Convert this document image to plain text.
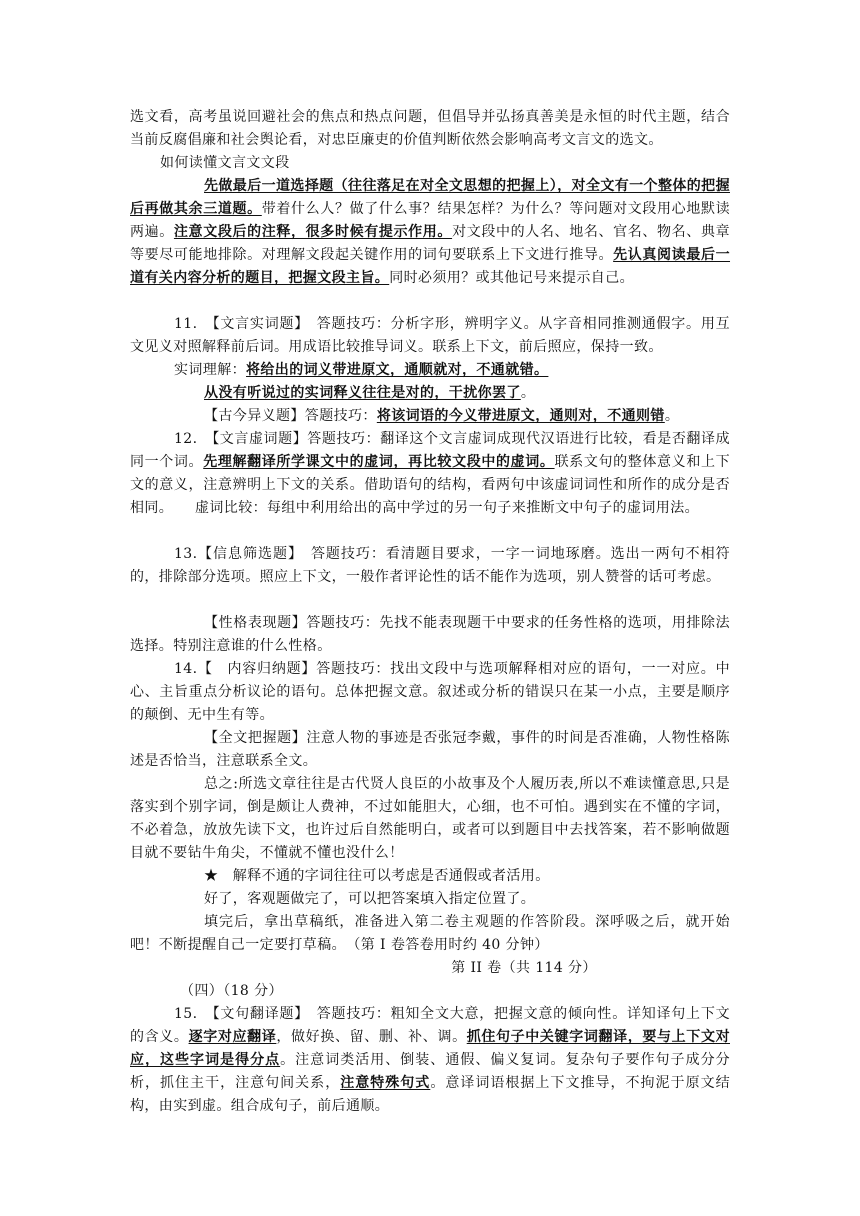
选文看，高考虽说回避社会的焦点和热点问题，但倡导并弘扬真善美是永恒的时代主题，结合当前反腐倡廉和社会舆论看，对忠臣廉吏的价值判断依然会影响高考文言文的选文。

如何读懂文言文文段

先做最后一道选择题（往往落足在对全文思想的把握上），对全文有一个整体的把握后再做其余三道题。带着什么人？做了什么事？结果怎样？为什么？等问题对文段用心地默读两遍。注意文段后的注释，很多时候有提示作用。对文段中的人名、地名、官名、物名、典章等要尽可能地排除。对理解文段起关键作用的词句要联系上下文进行推导。先认真阅读最后一道有关内容分析的题目，把握文段主旨。同时必须用？或其他记号来提示自己。

11.　【文言实词题】　答题技巧：分析字形，辨明字义。从字音相同推测通假字。用互文见义对照解释前后词。用成语比较推导词义。联系上下文，前后照应，保持一致。

实词理解：将给出的词义带进原文，通顺就对，不通就错。

从没有听说过的实词释义往往是对的，干扰你罢了。

【古今异义题】答题技巧：将该词语的今义带进原文，通则对，不通则错。

12.　【文言虚词题】答题技巧：翻译这个文言虚词成现代汉语进行比较，看是否翻译成同一个词。先理解翻译所学课文中的虚词，再比较文段中的虚词。联系文句的整体意义和上下文的意义，注意辨明上下文的关系。借助语句的结构，看两句中该虚词词性和所作的成分是否相同。　　虚词比较：每组中利用给出的高中学过的另一句子来推断文中句子的虚词用法。

13.【信息筛选题】　答题技巧：看清题目要求，一字一词地琢磨。选出一两句不相符的，排除部分选项。照应上下文，一般作者评论性的话不能作为选项，别人赞誉的话可考虑。

【性格表现题】答题技巧：先找不能表现题干中要求的任务性格的选项，用排除法选择。特别注意谁的什么性格。

14.【　内容归纳题】答题技巧：找出文段中与选项解释相对应的语句，一一对应。中心、主旨重点分析议论的语句。总体把握文意。叙述或分析的错误只在某一小点，主要是顺序的颠倒、无中生有等。

【全文把握题】注意人物的事迹是否张冠李戴，事件的时间是否准确，人物性格陈述是否恰当，注意联系全文。

总之:所选文章往往是古代贤人良臣的小故事及个人履历表,所以不难读懂意思,只是落实到个别字词，倒是颇让人费神，不过如能胆大，心细，也不可怕。遇到实在不懂的字词，不必着急，放放先读下文，也许过后自然能明白，或者可以到题目中去找答案，若不影响做题目就不要钻牛角尖，不懂就不懂也没什么！

★　解释不通的字词往往可以考虑是否通假或者活用。

好了，客观题做完了，可以把答案填入指定位置了。

填完后，拿出草稿纸，准备进入第二卷主观题的作答阶段。深呼吸之后，就开始吧！不断提醒自己一定要打草稿。　（第 I 卷答卷用时约 40 分钟）

第 II 卷（共 114 分）

（四）（18 分）

15.　【文句翻译题】　答题技巧：粗知全文大意，把握文意的倾向性。详知译句上下文的含义。逐字对应翻译，做好换、留、删、补、调。抓住句子中关键字词翻译，要与上下文对应，这些字词是得分点。注意词类活用、倒装、通假、偏义复词。复杂句子要作句子成分分析，抓住主干，注意句间关系，注意特殊句式。意译词语根据上下文推导，不拘泥于原文结构，由实到虚。组合成句子，前后通顺。
